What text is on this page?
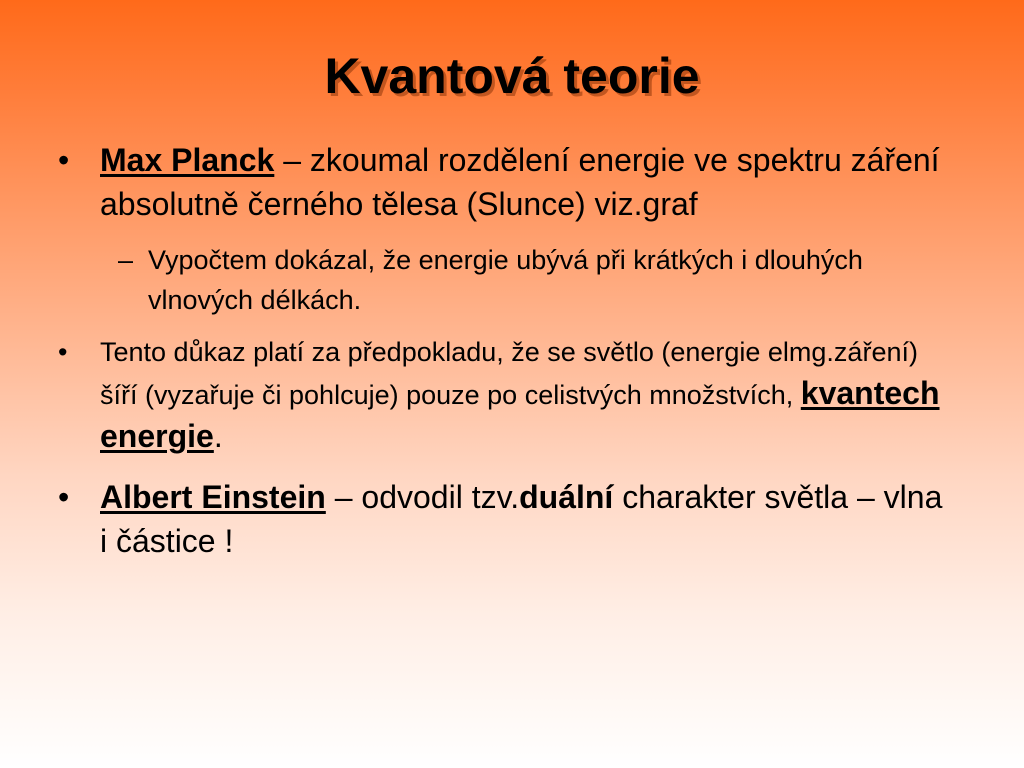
Kvantová teorie
• Max Planck – zkoumal rozdělení energie ve spektru záření absolutně černého tělesa (Slunce) viz.graf
– Vypočtem dokázal, že energie ubývá při krátkých i dlouhých vlnových délkách.
• Tento důkaz platí za předpokladu, že se světlo (energie elmg.záření) šíří (vyzařuje či pohlcuje) pouze po celistvých množstvích, kvantech energie.
• Albert Einstein – odvodil tzv.duální charakter světla – vlna i částice !
